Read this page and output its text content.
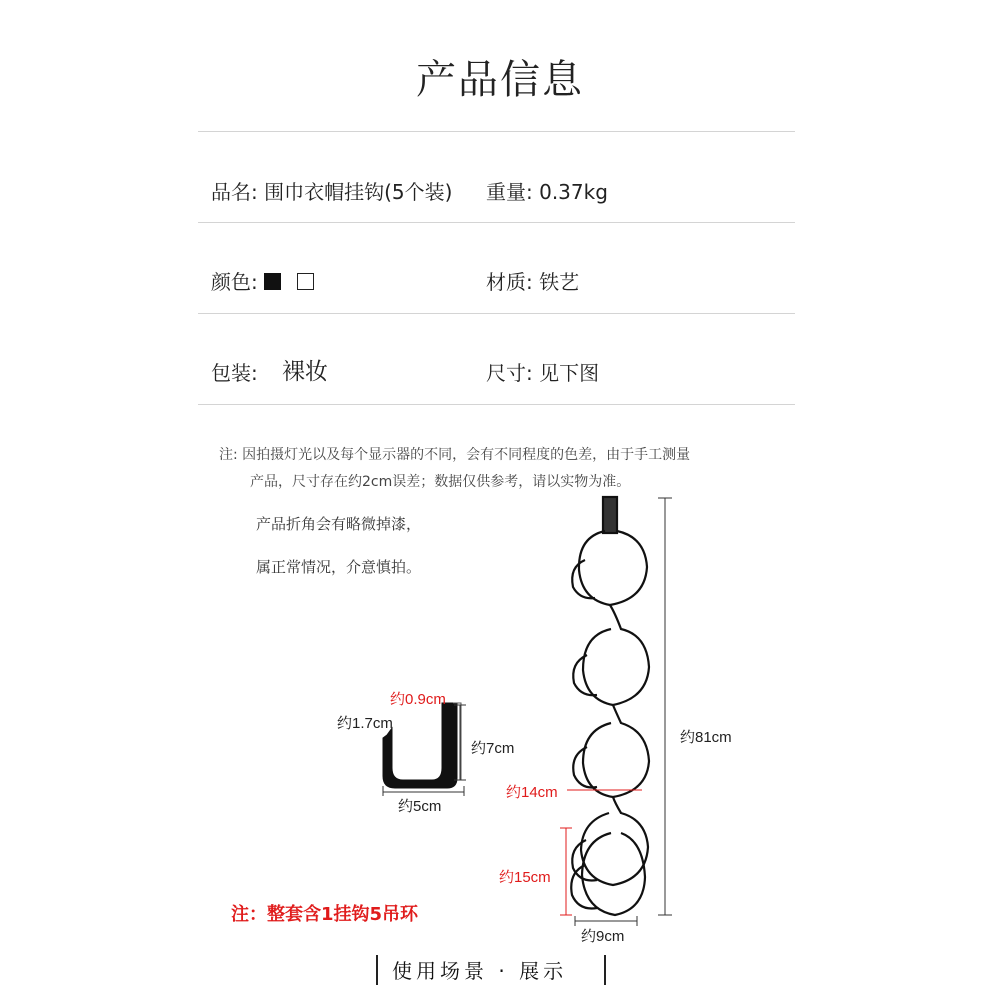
产品信息
品名: 围巾衣帽挂钩(5个装) 重量: 0.37kg
颜色:	材质: 铁艺
包装: 裸妆	尺寸: 见下图
注: 因拍摄灯光以及每个显示器的不同，会有不同程度的色差，由于手工测量
产品，尺寸存在约2cm误差；数据仅供参考，请以实物为准。
产品折角会有略微掉漆，
属正常情况，介意慎拍。
约0.9cm
约1.7cm
约7cm
约5cm
约81cm
约14cm
约15cm
约9cm
注：整套含1挂钩5吊环
使用场景 · 展示
